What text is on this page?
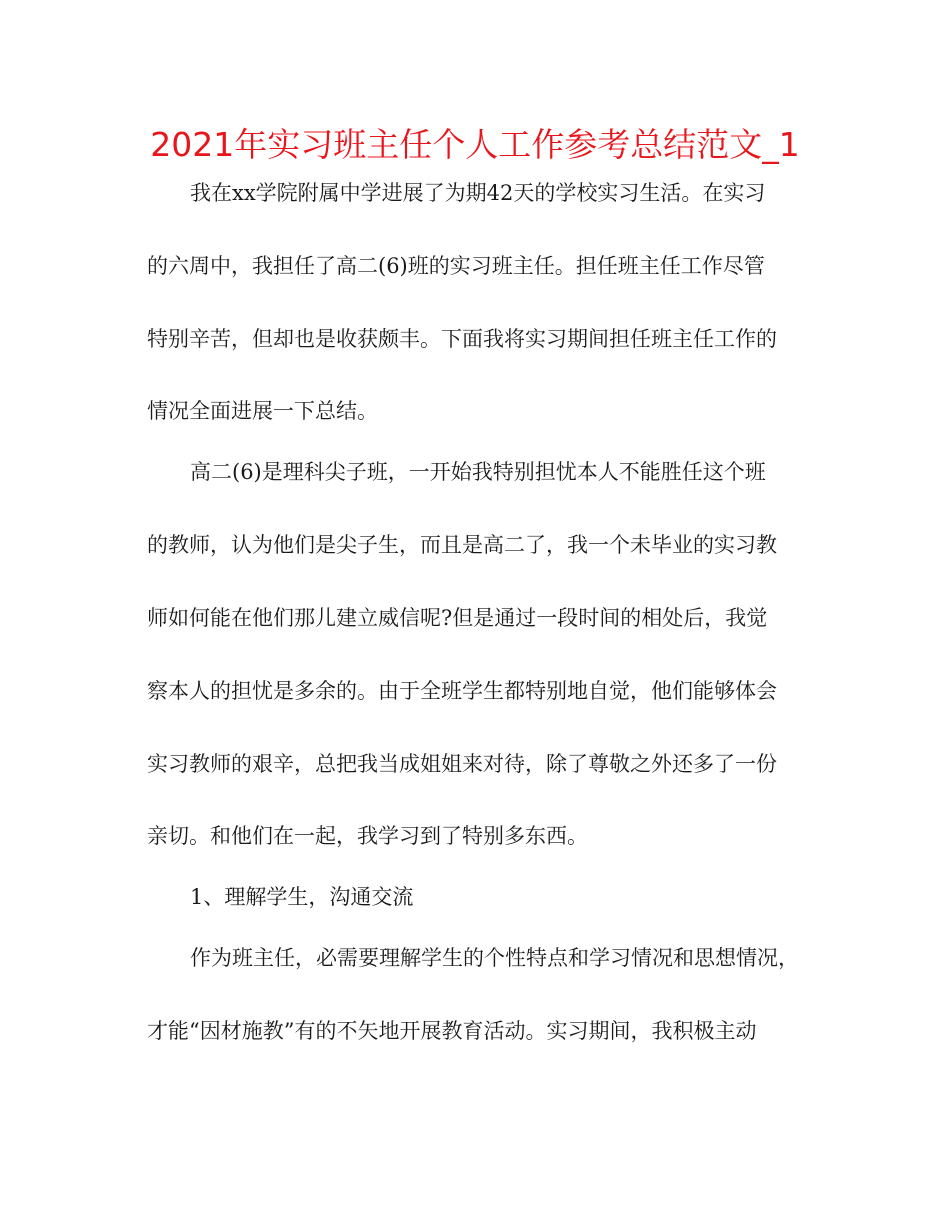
2021年实习班主任个人工作参考总结范文_1

我在xx学院附属中学进展了为期42天的学校实习生活。在实习

的六周中，我担任了高二(6)班的实习班主任。担任班主任工作尽管

特别辛苦，但却也是收获颇丰。下面我将实习期间担任班主任工作的

情况全面进展一下总结。

高二(6)是理科尖子班，一开始我特别担忧本人不能胜任这个班

的教师，认为他们是尖子生，而且是高二了，我一个未毕业的实习教

师如何能在他们那儿建立威信呢?但是通过一段时间的相处后，我觉

察本人的担忧是多余的。由于全班学生都特别地自觉，他们能够体会

实习教师的艰辛，总把我当成姐姐来对待，除了尊敬之外还多了一份

亲切。和他们在一起，我学习到了特别多东西。

1、理解学生，沟通交流

作为班主任，必需要理解学生的个性特点和学习情况和思想情况，

才能“因材施教”有的不矢地开展教育活动。实习期间，我积极主动
